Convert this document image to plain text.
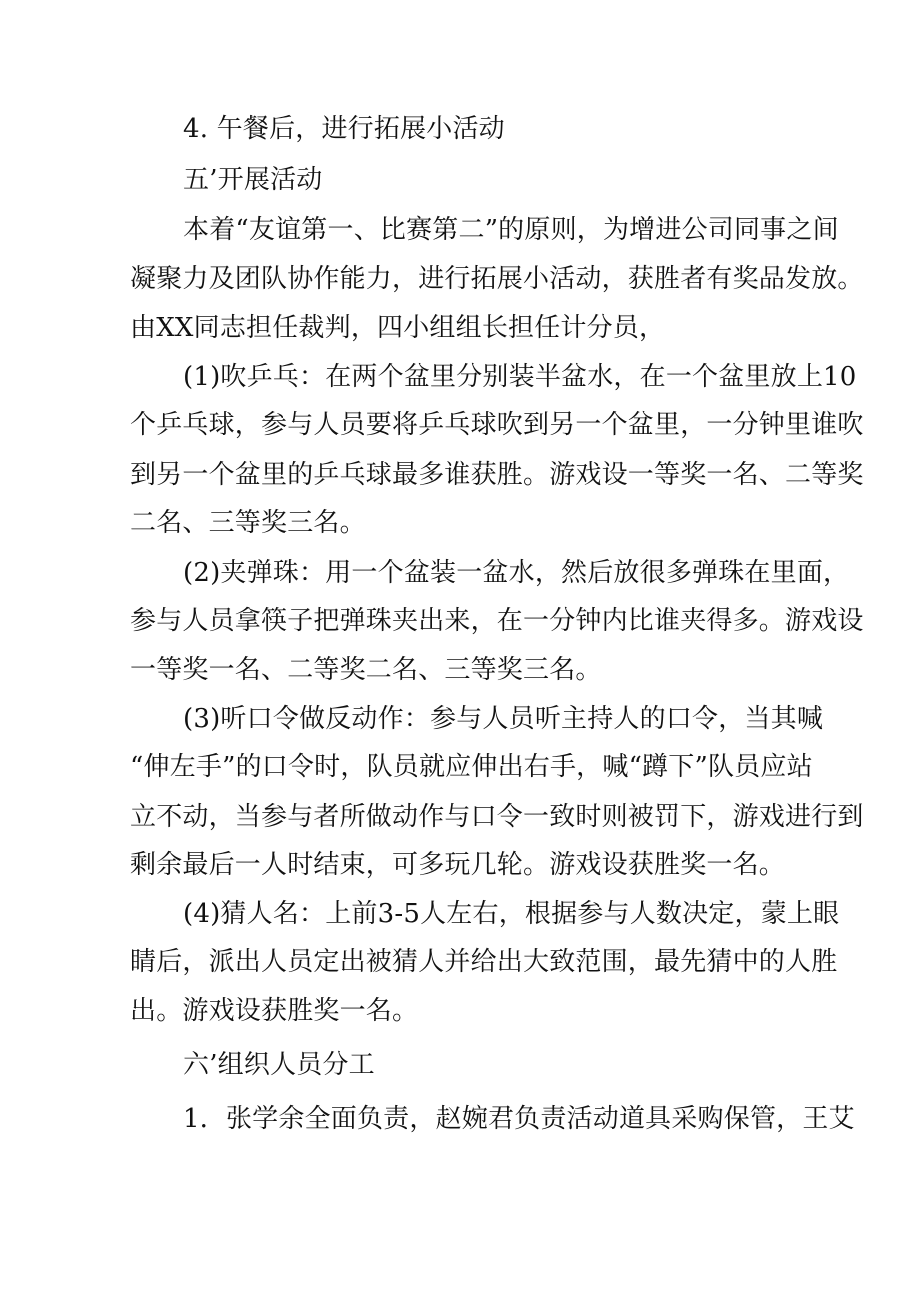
4. 午餐后，进行拓展小活动
五’开展活动
本着“友谊第一、比赛第二”的原则，为增进公司同事之间
凝聚力及团队协作能力，进行拓展小活动，获胜者有奖品发放。
由XX同志担任裁判，四小组组长担任计分员，
(1)吹乒乓：在两个盆里分别装半盆水，在一个盆里放上10
个乒乓球，参与人员要将乒乓球吹到另一个盆里，一分钟里谁吹
到另一个盆里的乒乓球最多谁获胜。游戏设一等奖一名、二等奖
二名、三等奖三名。
(2)夹弹珠：用一个盆装一盆水，然后放很多弹珠在里面，
参与人员拿筷子把弹珠夹出来，在一分钟内比谁夹得多。游戏设
一等奖一名、二等奖二名、三等奖三名。
(3)听口令做反动作：参与人员听主持人的口令，当其喊
“伸左手”的口令时，队员就应伸出右手，喊“蹲下”队员应站
立不动，当参与者所做动作与口令一致时则被罚下，游戏进行到
剩余最后一人时结束，可多玩几轮。游戏设获胜奖一名。
(4)猜人名：上前3-5人左右，根据参与人数决定，蒙上眼
睛后，派出人员定出被猜人并给出大致范围，最先猜中的人胜
出。游戏设获胜奖一名。
六’组织人员分工
1．张学余全面负责，赵婉君负责活动道具采购保管，王艾
